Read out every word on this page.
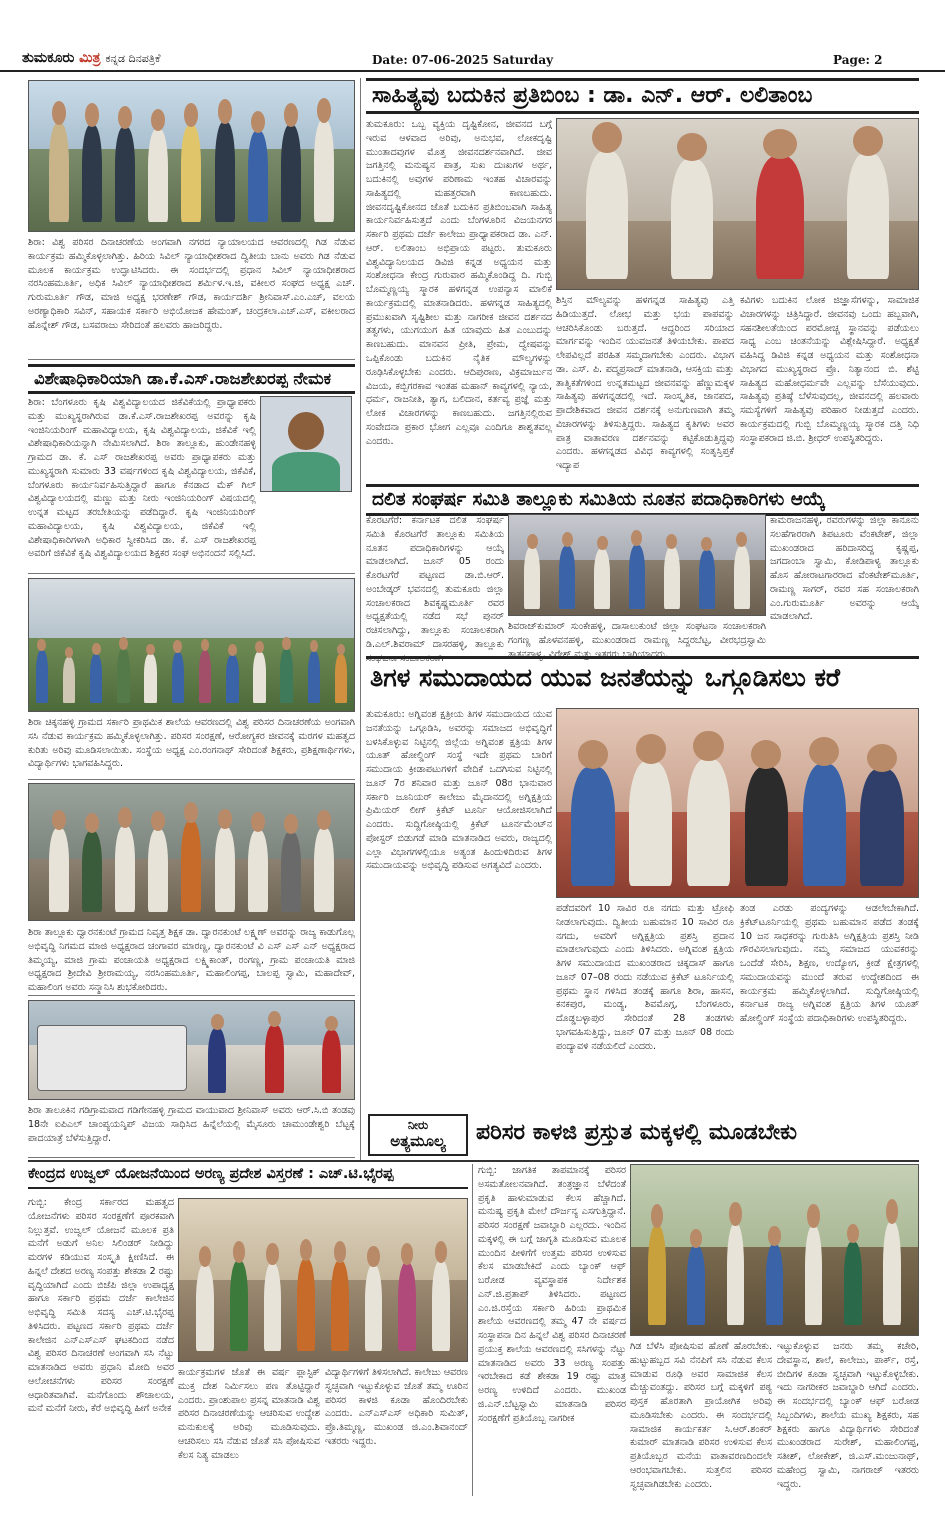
ತುಮಕೂರು ಮಿತ್ರ ಕನ್ನಡ ದಿನಪತ್ರಿಕೆ	Date: 07-06-2025 Saturday	Page: 2
ಶಿರಾ: ವಿಶ್ವ ಪರಿಸರ ದಿನಾಚರಣೆಯ ಅಂಗವಾಗಿ ನಗರದ ನ್ಯಾಯಾಲಯದ ಆವರಣದಲ್ಲಿ ಗಿಡ ನೆಡುವ ಕಾರ್ಯಕ್ರಮ ಹಮ್ಮಿಕೊಳ್ಳಲಾಗಿತ್ತು. ಹಿರಿಯ ಸಿವಿಲ್ ನ್ಯಾಯಾಧೀಶರಾದ ದ್ವಿತೀಯ ಬಾನು ಅವರು ಗಿಡ ನೆಡುವ ಮೂಲಕ ಕಾರ್ಯಕ್ರಮ ಉದ್ಘಾಟಿಸಿದರು. ಈ ಸಂದರ್ಭದಲ್ಲಿ ಪ್ರಧಾನ ಸಿವಿಲ್ ನ್ಯಾಯಾಧೀಶರಾದ ನರಸಿಂಹಮೂರ್ತಿ, ಅಧಿಕ ಸಿವಿಲ್ ನ್ಯಾಯಾಧೀಶರಾದ ಶರ್ಮಿಳ.ಇ.ಜಿ, ವಕೀಲರ ಸಂಘದ ಅಧ್ಯಕ್ಷ ಎಚ್. ಗುರುಮೂರ್ತಿ ಗೌಡ, ಮಾಜಿ ಅಧ್ಯಕ್ಷ ಭರಣೇಶ್ ಗೌಡ, ಕಾರ್ಯದರ್ಶಿ ಶ್ರೀನಿವಾಸ್.ಎಂ.ಎಚ್, ವಲಯ ಅರಣ್ಯಾಧಿಕಾರಿ ಸವಿನ್, ಸಹಾಯಕ ಸರ್ಕಾರಿ ಅಭಿಯೋಜಕ ಹೇಮಂತ್, ಚಂದ್ರಕಲಾ.ಎಚ್.ಎಸ್, ವಕೀಲರಾದ ಹೊನ್ನೇಶ್ ಗೌಡ, ಬಸವರಾಜು ಸೇರಿದಂತೆ ಹಲವರು ಹಾಜರಿದ್ದರು.
ವಿಶೇಷಾಧಿಕಾರಿಯಾಗಿ ಡಾ.ಕೆ.ಎಸ್.ರಾಜಶೇಖರಪ್ಪ ನೇಮಕ
ಶಿರಾ: ಬೆಂಗಳೂರು ಕೃಷಿ ವಿಶ್ವವಿದ್ಯಾಲಯದ ಜಿಕೆವಿಕೆಯಲ್ಲಿ ಪ್ರಾಧ್ಯಾಪಕರು ಮತ್ತು ಮುಖ್ಯಸ್ಥರಾಗಿರುವ ಡಾ.ಕೆ.ಎಸ್.ರಾಜಶೇಖರಪ್ಪ ಅವರನ್ನು ಕೃಷಿ ಇಂಜಿನಿಯರಿಂಗ್ ಮಹಾವಿದ್ಯಾಲಯ, ಕೃಷಿ ವಿಶ್ವವಿದ್ಯಾಲಯ, ಜಿಕೆವಿಕೆ ಇಲ್ಲಿ ವಿಶೇಷಾಧಿಕಾರಿಯನ್ನಾಗಿ ನೇಮಿಸಲಾಗಿದೆ. ಶಿರಾ ತಾಲ್ಲೂಕು, ಹುಂಡೇನಹಳ್ಳಿ ಗ್ರಾಮದ ಡಾ. ಕೆ. ಎಸ್ ರಾಜಶೇಖರಪ್ಪ ಅವರು ಪ್ರಾಧ್ಯಾಪಕರು ಮತ್ತು ಮುಖ್ಯಸ್ಥರಾಗಿ ಸುಮಾರು 33 ವರ್ಷಗಳಿಂದ ಕೃಷಿ ವಿಶ್ವವಿದ್ಯಾಲಯ, ಜಿಕೆವಿಕೆ, ಬೆಂಗಳೂರು ಕಾರ್ಯನಿರ್ವಹಿಸುತ್ತಿದ್ದಾರೆ ಹಾಗೂ ಕೆನಡಾದ ಮೆಕ್ ಗಿಲ್ ವಿಶ್ವವಿದ್ಯಾಲಯದಲ್ಲಿ ಮಣ್ಣು ಮತ್ತು ನೀರು ಇಂಜಿನಿಯರಿಂಗ್ ವಿಷಯದಲ್ಲಿ ಉನ್ನತ ಮಟ್ಟದ ತರಬೇತಿಯನ್ನು ಪಡೆದಿದ್ದಾರೆ. ಕೃಷಿ ಇಂಜಿನಿಯರಿಂಗ್ ಮಹಾವಿದ್ಯಾಲಯ, ಕೃಷಿ ವಿಶ್ವವಿದ್ಯಾಲಯ, ಜಿಕೆವಿಕೆ ಇಲ್ಲಿ ವಿಶೇಷಾಧಿಕಾರಿಗಳಾಗಿ ಅಧಿಕಾರ ಸ್ವೀಕರಿಸಿದ ಡಾ. ಕೆ. ಎಸ್ ರಾಜಶೇಖರಪ್ಪ ಅವರಿಗೆ ಜಿಕೆವಿಕೆ ಕೃಷಿ ವಿಶ್ವವಿದ್ಯಾಲಯದ ಶಿಕ್ಷಕರ ಸಂಘ ಅಭಿನಂದನೆ ಸಲ್ಲಿಸಿದೆ.
ಶಿರಾ ಚಿಕ್ಕನಹಳ್ಳಿ ಗ್ರಾಮದ ಸರ್ಕಾರಿ ಪ್ರಾಥಮಿಕ ಶಾಲೆಯ ಆವರಣದಲ್ಲಿ ವಿಶ್ವ ಪರಿಸರ ದಿನಾಚರಣೆಯ ಅಂಗವಾಗಿ ಸಸಿ ನೆಡುವ ಕಾರ್ಯಕ್ರಮ ಹಮ್ಮಿಕೊಳ್ಳಲಾಗಿತ್ತು. ಪರಿಸರ ಸಂರಕ್ಷಣೆ, ಆರೋಗ್ಯಕರ ಜೀವನಕ್ಕೆ ಮರಗಳ ಮಹತ್ವದ ಕುರಿತು ಅರಿವು ಮೂಡಿಸಲಾಯಿತು. ಸಂಸ್ಥೆಯ ಅಧ್ಯಕ್ಷ ಎಂ.ರಂಗನಾಥ್ ಸೇರಿದಂತೆ ಶಿಕ್ಷಕರು, ಪ್ರಶಿಕ್ಷಣಾರ್ಥಿಗಳು, ವಿದ್ಯಾರ್ಥಿಗಳು ಭಾಗವಹಿಸಿದ್ದರು.
ಶಿರಾ ತಾಲ್ಲೂಕು ದ್ವಾರನಕುಂಟೆ ಗ್ರಾಮದ ನಿವೃತ್ತ ಶಿಕ್ಷಕ ಡಾ. ದ್ವಾರನಕುಂಟೆ ಲಕ್ಷ್ಮಣ್ ಅವರನ್ನು ರಾಜ್ಯ ಕಾಡುಗೊಲ್ಲ ಅಭಿವೃದ್ಧಿ ನಿಗಮದ ಮಾಜಿ ಅಧ್ಯಕ್ಷರಾದ ಚಂಗಾವರ ಮಾರಣ್ಣ, ದ್ವಾರನಕುಂಟೆ ವಿ ಎಸ್ ಎಸ್ ಎನ್ ಅಧ್ಯಕ್ಷರಾದ ತಿಮ್ಮಯ್ಯ, ಮಾಜಿ ಗ್ರಾಮ ಪಂಚಾಯತಿ ಅಧ್ಯಕ್ಷರಾದ ಲಕ್ಷ್ಮಿಕಾಂತ್, ರಂಗಣ್ಣ, ಗ್ರಾಮ ಪಂಚಾಯತಿ ಮಾಜಿ ಅಧ್ಯಕ್ಷರಾದ ಶ್ರೀದೇವಿ ಶ್ರೀರಾಮಯ್ಯ, ನರಸಿಂಹಮೂರ್ತಿ, ಮಹಾಲಿಂಗಪ್ಪ, ಬಾಲಪ್ಪ ಸ್ವಾಮಿ, ಮಹಾದೇವ್, ಮಹಾಲಿಂಗ ಅವರು ಸನ್ಮಾನಿಸಿ ಶುಭಕೋರಿದರು.
ಶಿರಾ ತಾಲೂಕಿನ ಗಡಿಗ್ರಾಮವಾದ ಗಡಿಗೇನಹಳ್ಳಿ ಗ್ರಾಮದ ವಾಯುವಾದ ಶ್ರೀನಿವಾಸ್ ಅವರು ಆರ್.ಸಿ.ಬಿ ತಂಡವು 18ನೇ ಐಪಿಎಲ್ ಚಾಂಪ್ಯಯನ್ಶಿಪ್ ವಿಜಯ ಸಾಧಿಸಿದ ಹಿನ್ನೆಲೆಯಲ್ಲಿ ಮೈಸೂರು ಚಾಮುಂಡೇಶ್ವರಿ ಬೆಟ್ಟಕ್ಕೆ ಪಾದಯಾತ್ರೆ ಬೆಳೆಸುತ್ತಿದ್ದಾರೆ.
ಸಾಹಿತ್ಯವು ಬದುಕಿನ ಪ್ರತಿಬಿಂಬ : ಡಾ. ಎನ್. ಆರ್. ಲಲಿತಾಂಬ
ತುಮಕೂರು: ಒಬ್ಬ ವ್ಯಕ್ತಿಯ ದೃಷ್ಟಿಕೋನ, ಜೀವನದ ಬಗ್ಗೆ ಇರುವ ಆಳವಾದ ಅರಿವು, ಅನುಭವ, ಲೋಕದೃಷ್ಟಿ ಮುಂತಾದವುಗಳ ಮೊತ್ತ ಜೀವನದರ್ಶನವಾಗಿದೆ. ಜೀವ ಜಗತ್ತಿನಲ್ಲಿ ಮನುಷ್ಯನ ಪಾತ್ರ, ಸುಖ ದುಃಖಗಳ ಅರ್ಥ, ಬದುಕಿನಲ್ಲಿ ಅವುಗಳ ಪರಿಣಾಮ ಇಂತಹ ವಿಚಾರವನ್ನು ಸಾಹಿತ್ಯದಲ್ಲಿ ಮಹತ್ತರವಾಗಿ ಕಾಣಬಹುದು. ಜೀವನದೃಷ್ಟಿಕೋನದ ಜೊತೆ ಬದುಕಿನ ಪ್ರತಿಬಿಂಬವಾಗಿ ಸಾಹಿತ್ಯ ಕಾರ್ಯನಿರ್ವಹಿಸುತ್ತದೆ ಎಂದು ಬೆಂಗಳೂರಿನ ವಿಜಯನಗರ ಸರ್ಕಾರಿ ಪ್ರಥಮ ದರ್ಜೆ ಕಾಲೇಜು ಪ್ರಾಧ್ಯಾಪಕರಾದ ಡಾ. ಎನ್. ಆರ್. ಲಲಿತಾಂಬ ಅಭಿಪ್ರಾಯ ಪಟ್ಟರು. ತುಮಕೂರು ವಿಶ್ವವಿದ್ಯಾನಿಲಯದ ಡಿವಿಜಿ ಕನ್ನಡ ಅಧ್ಯಯನ ಮತ್ತು ಸಂಶೋಧನಾ ಕೇಂದ್ರ ಗುರುವಾರ ಹಮ್ಮಿಕೊಂಡಿದ್ದ ದಿ. ಗುಬ್ಬಿ ಬೊಮ್ಮಣ್ಣಯ್ಯ ಸ್ಮಾರಕ ಹಳಗನ್ನಡ ಉಪನ್ಯಾಸ ಮಾಲಿಕೆ ಕಾರ್ಯಕ್ರಮದಲ್ಲಿ ಮಾತನಾಡಿದರು. ಹಳಗನ್ನಡ ಸಾಹಿತ್ಯದಲ್ಲಿ ಪ್ರಮುಖವಾಗಿ ಸೃಷ್ಟಿಶೀಲ ಮತ್ತು ನಾಗರೀಕ ಜೀವನ ದರ್ಶನದ ತತ್ವಗಳು, ಯುಗಯುಗ ಹಿತ ಯಾವುದು ಹಿತ ಎಂಬುದನ್ನು ಕಾಣಬಹುದು. ಮಾನವನ ಪ್ರೀತಿ, ಪ್ರೇಮ, ದ್ವೇಷವನ್ನು ಒಪ್ಪಿಕೊಂಡು ಬದುಕಿನ ನೈತಿಕ ಮೌಲ್ಯಗಳನ್ನು ರೂಢಿಸಿಕೊಳ್ಳಬೇಕು ಎಂದರು. ಆದಿಪುರಾಣ, ವಿಕ್ರಮಾರ್ಜುನ ವಿಜಯ, ಕಬ್ಬಿಗರಕಾವ ಇಂತಹ ಮಹಾನ್ ಕಾವ್ಯಗಳಲ್ಲಿ ನ್ಯಾಯ, ಧರ್ಮ, ರಾಜನೀತಿ, ತ್ಯಾಗ, ಬಲಿದಾನ, ಕರ್ತವ್ಯ ಪ್ರಜ್ಞೆ ಮತ್ತು ಲೋಕ ವಿಚಾರಗಳನ್ನು ಕಾಣಬಹುದು. ಜಗತ್ತಿನಲ್ಲಿರುವ ಸಂವೇದನಾ ಪ್ರಕಾರ ಭೋಗ ಎಲ್ಲವೂ ಎಂದಿಗೂ ಶಾಶ್ವತವಲ್ಲ ಎಂದರು.
ಶಿಸ್ತಿನ ಮೌಲ್ಯವನ್ನು ಹಳಗನ್ನಡ ಸಾಹಿತ್ಯವು ಎತ್ತಿ ಹಿಡಿಯುತ್ತದೆ. ಲೋಭ ಮತ್ತು ಭಯ ಪಾಪವನ್ನು ಆಚರಿಸಿಕೊಂಡು ಬರುತ್ತದೆ. ಆದ್ದರಿಂದ ಸರಿಯಾದ ಮಾರ್ಗವನ್ನು ಇಂದಿನ ಯುವಜನತೆ ತಿಳಿಯಬೇಕು. ಪಾಪದ ಲೇಪವಿಲ್ಲದೆ ಪರಹಿತ ಸಮ್ಮದಾಗಬೇಕು ಎಂದರು. ವಿಭಾಗ ಡಾ. ಎಸ್. ಪಿ. ಪದ್ಮಪ್ರಸಾದ್ ಮಾತನಾಡಿ, ಆಸಕ್ತಿಯ ಮತ್ತು ತಾತ್ವಿಕತೆಗಳಿಂದ ಉನ್ನತಮಟ್ಟದ ಜೀವನವನ್ನು ಹೆಣ್ಣುಮಕ್ಕಳ ಸಾಹಿತ್ಯವು ಹಳಗನ್ನಡದಲ್ಲಿ ಇದೆ. ಸಾಂಸ್ಕೃತಿಕ, ಜಾನಪದ, ಪ್ರಾದೇಶಿಕವಾದ ಜೀವನ ದರ್ಶನಕ್ಕೆ ಅನುಗುಣವಾಗಿ ತಮ್ಮ ವಿಚಾರಗಳನ್ನು ತಿಳಿಸುತ್ತಿದ್ದರು. ಸಾಹಿತ್ಯದ ಕೃತಿಗಳು ಅವರ ಪಾತ್ರ ವಾತಾವರಣ ದರ್ಶನವನ್ನು ಕಟ್ಟಿಕೊಡುತ್ತಿದ್ದವು ಎಂದರು. ಹಳಗನ್ನಡದ ವಿವಿಧ ಕಾವ್ಯಗಳಲ್ಲಿ ಸಂತೃಸ್ತಿಪ್ತಕೆ ಇದ್ಯಾಪ
ಕವಿಗಳು ಬದುಕಿನ ಲೋಕ ಜಿಜ್ಞಾಸೆಗಳನ್ನು, ಸಾಮಾಜಿಕ ವಿಚಾರಗಳನ್ನು ಚಿತ್ರಿಸಿದ್ದಾರೆ. ಜೀವನವು ಒಂದು ಹಬ್ಬವಾಗಿ, ಸಹನಶೀಲತೆಯಿಂದ ಪರಮೋಚ್ಚ ಸ್ಥಾನವನ್ನು ಪಡೆಯಲು ಸಾಧ್ಯ ಎಂಬ ಚಿಂತನೆಯನ್ನು ವಿಶ್ಲೇಷಿಸಿದ್ದಾರೆ. ಅಧ್ಯಕ್ಷತೆ ವಹಿಸಿದ್ದ ಡಿವಿಜಿ ಕನ್ನಡ ಅಧ್ಯಯನ ಮತ್ತು ಸಂಶೋಧನಾ ವಿಭಾಗದ ಮುಖ್ಯಸ್ಥರಾದ ಪ್ರೊ. ನಿತ್ಯಾನಂದ ಬಿ. ಶೆಟ್ಟಿ ಸಾಹಿತ್ಯದ ಮಹೋಧರ್ಮವೇ ಎಲ್ಲವನ್ನು ಬೆಸೆಯುವುದು. ಸಾಹಿತ್ಯವು ಪ್ರತಿಷ್ಠೆ ಬೆಳೆಸುವುದಲ್ಲ, ಜೀವನದಲ್ಲಿ ಹಲವಾರು ಸಮಸ್ಯೆಗಳಿಗೆ ಸಾಹಿತ್ಯವು ಪರಿಹಾರ ನೀಡುತ್ತದೆ ಎಂದರು. ಕಾರ್ಯಕ್ರಮದಲ್ಲಿ ಗುಬ್ಬಿ ಬೊಮ್ಮಣ್ಣಯ್ಯ ಸ್ಮಾರಕ ದತ್ತಿ ನಿಧಿ ಸಂಸ್ಥಾಪಕರಾದ ಜಿ.ಬಿ. ಶ್ರೀಧರ್ ಉಪಸ್ಥಿತರಿದ್ದರು.
ದಲಿತ ಸಂಘರ್ಷ ಸಮಿತಿ ತಾಲ್ಲೂಕು ಸಮಿತಿಯ ನೂತನ ಪದಾಧಿಕಾರಿಗಳು ಆಯ್ಕೆ
ಕೊರಟಗೆರೆ: ಕರ್ನಾಟಕ ದಲಿತ ಸಂಘರ್ಷ ಸಮಿತಿ ಕೊರಟಗೆರೆ ತಾಲ್ಲೂಕು ಸಮಿತಿಯ ನೂತನ ಪದಾಧಿಕಾರಿಗಳನ್ನು ಆಯ್ಕೆ ಮಾಡಲಾಗಿದೆ. ಜೂನ್ 05 ರಂದು ಕೊರಟಗೆರೆ ಪಟ್ಟಣದ ಡಾ.ಬಿ.ಆರ್. ಅಂಬೇಡ್ಕರ್ ಭವನದಲ್ಲಿ ತುಮಕೂರು ಜಿಲ್ಲಾ ಸಂಚಾಲಕರಾದ ಶಿವಕೃಷ್ಣಮೂರ್ತಿ ರವರ ಅಧ್ಯಕ್ಷತೆಯಲ್ಲಿ ನಡೆದ ಸಭೆ ಪುನರ್ ರಚಿಸಲಾಗಿದ್ದು, ತಾಲ್ಲೂಕು ಸಂಚಾಲಕರಾಗಿ ಡಿ.ಎಲ್.ಶಿವರಾಮ್ ದಾಸರಹಳ್ಳಿ, ತಾಲ್ಲೂಕು ಸಂಘಟನಾ ಸಂಚಾಲಕರಾಗಿ
ಶಿವರಾಜ್‌ಕುಮಾರ್ ಸುಂಕೇಹಳ್ಳಿ, ದಾಸಾಲುಕುಂಟೆ ಜಿಲ್ಲಾ ಸಂಘಟನಾ ಸಂಚಾಲಕರಾಗಿ ಗಂಗಣ್ಣ ಹೊಳವನಹಳ್ಳಿ, ಮುಖಂಡರಾದ ರಾಮಣ್ಣ ಸಿದ್ದರಬೆಟ್ಟ, ವೀರಭದ್ರಸ್ವಾಮಿ ತಾತನಪಾಳ್ಯ, ವಿರೇಶ್ ಮತ್ತು ಇತರರು ಭಾಗಿಯಾದರು.
ಕಾಮರಾಜನಹಳ್ಳಿ, ರವರುಗಳನ್ನು ಜಿಲ್ಲಾ ಕಾನೂನು ಸಲಹೆಗಾರರಾಗಿ ತಿಪಟೂರು ವೆಂಕಟೇಶ್, ಜಿಲ್ಲಾ ಮುಖಂಡರಾದ ಹರಿದಾಸರಿದ್ದ ಕೃಷ್ಣಪ್ಪ, ಜಗದಾಂಬಾ ಸ್ವಾಮಿ, ಕೋಡಿಪಾಳ್ಯ ತಾಲ್ಲೂಕು ಹೊಸ ಹೋರಾಟಗಾರರಾದ ವೆಂಕಟೇಶ್‌ಮೂರ್ತಿ, ರಾಮಣ್ಣ ಸಾಗರ್, ರವರ ಸಹ ಸಂಚಾಲಕರಾಗಿ ಎಂ.ಗುರುಮೂರ್ತಿ ಅವರನ್ನು ಆಯ್ಕೆ ಮಾಡಲಾಗಿದೆ.
ತಿಗಳ ಸಮುದಾಯದ ಯುವ ಜನತೆಯನ್ನು ಒಗ್ಗೂಡಿಸಲು ಕರೆ
ತುಮಕೂರು: ಅಗ್ನಿವಂಶ ಕ್ಷತ್ರೀಯ ತಿಗಳ ಸಮುದಾಯದ ಯುವ ಜನತೆಯನ್ನು ಒಗ್ಗೂಡಿಸಿ, ಅವರನ್ನು ಸಮಾಜದ ಅಭಿವೃದ್ಧಿಗೆ ಬಳಸಿಕೊಳ್ಳುವ ನಿಟ್ಟಿನಲ್ಲಿ ಜಿಲ್ಲೆಯ ಅಗ್ನಿವಂಶ ಕ್ಷತ್ರಿಯ ತಿಗಳ ಯೂತ್ ಹೋಲ್ಡಿಂಗ್ ಸಂಸ್ಥೆ ಇದೇ ಪ್ರಥಮ ಬಾರಿಗೆ ಸಮುದಾಯ ಕ್ರೀಡಾಪಟುಗಳಿಗೆ ವೇದಿಕೆ ಒದಗಿಸುವ ನಿಟ್ಟಿನಲ್ಲಿ ಜೂನ್ 7ರ ಶನಿವಾರ ಮತ್ತು ಜೂನ್ 08ರ ಭಾನುವಾರ ಸರ್ಕಾರಿ ಜೂನಿಯರ್ ಕಾಲೇಜು ಮೈದಾನದಲ್ಲಿ ಅಗ್ನಿಕ್ಷತ್ರಿಯ ಪ್ರಿಮಿಯರ್ ಲೀಗ್ ಕ್ರಿಕೆಟ್ ಟೂರ್ನಿ ಆಯೋಜಿಸಲಾಗಿದೆ ಎಂದರು. ಸುದ್ದಿಗೋಷ್ಠಿಯಲ್ಲಿ ಕ್ರಿಕೆಟ್ ಟೂರ್ನಮೆಂಟ್‌ನ ಪೋಸ್ಟರ್ ಬಿಡುಗಡೆ ಮಾಡಿ ಮಾತನಾಡಿದ ಅವರು, ರಾಜ್ಯದಲ್ಲಿ ಎಲ್ಲಾ ವಿಭಾಗಗಳಲ್ಲಿಯೂ ಅತ್ಯಂತ ಹಿಂದುಳಿದಿರುವ ತಿಗಳ ಸಮುದಾಯವನ್ನು ಅಭಿವೃದ್ಧಿ ಪಡಿಸುವ ಅಗತ್ಯವಿದೆ ಎಂದರು.
ಪಡೆದವರಿಗೆ 10 ಸಾವಿರ ರೂ ನಗದು ಮತ್ತು ಟ್ರೋಫಿ ನೀಡಲಾಗುವುದು. ದ್ವಿತೀಯ ಬಹುಮಾನ 10 ಸಾವಿರ ರೂ ನಗದು, ಅವರಿಗೆ ಅಗ್ನಿಕ್ಷತ್ರಿಯ ಪ್ರಶಸ್ತಿ ಪ್ರದಾನ ಮಾಡಲಾಗುವುದು ಎಂದು ತಿಳಿಸಿದರು. ಅಗ್ನಿವಂಶ ಕ್ಷತ್ರಿಯ ತಿಗಳ ಸಮುದಾಯದ ಮುಖಂಡರಾದ ಚಿಕ್ಕದಾಸ್ ಹಾಗೂ ಜೂನ್ 07–08 ರಂದು ನಡೆಯುವ ಕ್ರಿಕೆಟ್ ಟೂರ್ನಿಯಲ್ಲಿ ಪ್ರಥಮ ಸ್ಥಾನ ಗಳಿಸಿದ ತಂಡಕ್ಕೆ ಹಾಗೂ ಶಿರಾ, ಹಾಸನ, ಕನಕಪುರ, ಮಂಡ್ಯ, ಶಿವಮೊಗ್ಗ, ಬೆಂಗಳೂರು, ದೊಡ್ಡಬಳ್ಳಾಪುರ ಸೇರಿದಂತೆ 28 ತಂಡಗಳು ಭಾಗವಹಿಸುತ್ತಿದ್ದು, ಜೂನ್ 07 ಮತ್ತು ಜೂನ್ 08 ರಂದು ಪಂದ್ಯಾವಳಿ ನಡೆಯಲಿದೆ ಎಂದರು.
ತಂಡ ಎರಡು ಪಂದ್ಯಗಳನ್ನು ಆಡಲೇಬೇಕಾಗಿದೆ. ಕ್ರಿಕೆಟ್‌ಟೂರ್ನಿಯಲ್ಲಿ ಪ್ರಥಮ ಬಹುಮಾನ ಪಡೆದ ತಂಡಕ್ಕೆ 10 ಜನ ಸಾಧಕರನ್ನು ಗುರುತಿಸಿ ಅಗ್ನಿಕ್ಷತ್ರಿಯ ಪ್ರಶಸ್ತಿ ನೀಡಿ ಗೌರವಿಸಲಾಗುವುದು. ನಮ್ಮ ಸಮಾಜದ ಯುವಕರನ್ನು ಒಂದೆಡೆ ಸೇರಿಸಿ, ಶಿಕ್ಷಣ, ಉದ್ಯೋಗ, ಕ್ರೀಡೆ ಕ್ಷೇತ್ರಗಳಲ್ಲಿ ಸಮುದಾಯವನ್ನು ಮುಂದೆ ತರುವ ಉದ್ದೇಶದಿಂದ ಈ ಕಾರ್ಯಕ್ರಮ ಹಮ್ಮಿಕೊಳ್ಳಲಾಗಿದೆ. ಸುದ್ದಿಗೋಷ್ಠಿಯಲ್ಲಿ ಕರ್ನಾಟಕ ರಾಜ್ಯ ಅಗ್ನಿವಂಶ ಕ್ಷತ್ರಿಯ ತಿಗಳ ಯೂತ್ ಹೋಲ್ಡಿಂಗ್ ಸಂಸ್ಥೆಯ ಪದಾಧಿಕಾರಿಗಳು ಉಪಸ್ಥಿತರಿದ್ದರು.
ನೀರು
ಅತ್ಯಮೂಲ್ಯ	ಪರಿಸರ ಕಾಳಜಿ ಪ್ರಸ್ತುತ ಮಕ್ಕಳಲ್ಲಿ ಮೂಡಬೇಕು
ಕೇಂದ್ರದ ಉಜ್ವಲ್ ಯೋಜನೆಯಿಂದ ಅರಣ್ಯ ಪ್ರದೇಶ ವಿಸ್ತರಣೆ : ಎಚ್.ಟಿ.ಭೈರಪ್ಪ
ಗುಬ್ಬಿ: ಕೇಂದ್ರ ಸರ್ಕಾರದ ಮಹತ್ವದ ಯೋಜನೆಗಳು ಪರಿಸರ ಸಂರಕ್ಷಣೆಗೆ ಪೂರಕವಾಗಿ ನಿಲ್ಲುತ್ತವೆ. ಉಜ್ವಲ್ ಯೋಜನೆ ಮೂಲಕ ಪ್ರತಿ ಮನೆಗೆ ಅಡುಗೆ ಅನಿಲ ಸಿಲಿಂಡರ್ ನೀಡಿದ್ದು ಮರಗಳ ಕಡಿಯುವ ಸಂಸ್ಕೃತಿ ಕ್ಷೀಣಿಸಿದೆ. ಈ ಹಿನ್ನಲೆ ದೇಶದ ಅರಣ್ಯ ಸಂಪತ್ತು ಶೇಕಡಾ 2 ರಷ್ಟು ವೃದ್ಧಿಯಾಗಿದೆ ಎಂದು ಬಿಜೆಪಿ ಜಿಲ್ಲಾ ಉಪಾಧ್ಯಕ್ಷ ಹಾಗೂ ಸರ್ಕಾರಿ ಪ್ರಥಮ ದರ್ಜೆ ಕಾಲೇಜಿನ ಅಭಿವೃದ್ಧಿ ಸಮಿತಿ ಸದಸ್ಯ ಎಚ್.ಟಿ.ಭೈರಪ್ಪ ತಿಳಿಸಿದರು. ಪಟ್ಟಣದ ಸರ್ಕಾರಿ ಪ್ರಥಮ ದರ್ಜೆ ಕಾಲೇಜಿನ ಎನ್ಎಸ್ಎಸ್ ಘಟಕದಿಂದ ನಡೆದ ವಿಶ್ವ ಪರಿಸರ ದಿನಾಚರಣೆ ಅಂಗವಾಗಿ ಸಸಿ ನೆಟ್ಟು ಮಾತನಾಡಿದ ಅವರು ಪ್ರಧಾನಿ ಮೋದಿ ಅವರ ಆಲೋಚನೆಗಳು ಪರಿಸರ ಸಂರಕ್ಷಣೆ ಆಧಾರಿತವಾಗಿವೆ. ಮನೆಗೊಂದು ಶೌಚಾಲಯ, ಮನೆ ಮನೆಗೆ ನೀರು, ಕೆರೆ ಅಭಿವೃದ್ಧಿ ಹೀಗೆ ಅನೇಕ
ಕಾರ್ಯಕ್ರಮಗಳ ಜೊತೆ ಈ ವರ್ಷ ಪ್ಲಾಸ್ಟಿಕ್ ಮುಕ್ತ ದೇಶ ನಿರ್ಮಿಸಲು ಪಣ ತೊಟ್ಟಿದ್ದಾರೆ ಎಂದರು. ಪ್ರಾಂಶುಪಾಲ ಪ್ರಸನ್ನ ಮಾತನಾಡಿ ವಿಶ್ವ ಪರಿಸರ ದಿನಾಚರಣೆಯನ್ನು ಆಚರಿಸುವ ಉದ್ದೇಶ ಮನುಕುಲಕ್ಕೆ ಅರಿವು ಮೂಡಿಸುವುದು. ಆಚರಿಸಲು ಸಸಿ ನೆಡುವ ಜೊತೆ ಸಸಿ ಪೋಷಿಸುವ ಕೆಲಸ ನಿತ್ಯ ಮಾಡಲು
ವಿದ್ಯಾರ್ಥಿಗಳಿಗೆ ತಿಳಿಸಲಾಗಿದೆ. ಕಾಲೇಜು ಆವರಣ ಸ್ವಚ್ಛವಾಗಿ ಇಟ್ಟುಕೊಳ್ಳುವ ಜೊತೆ ತಮ್ಮ ಊರಿನ ಪರಿಸರ ಕಾಳಜಿ ಕೂಡಾ ಹೊಂದಿರಬೇಕು ಎಂದರು. ಎನ್ಎಸ್ಎಸ್ ಅಧಿಕಾರಿ ಸುಮಿತ್, ಪ್ರೊ.ತಿಮ್ಮಣ್ಣ, ಮುಖಂಡ ಜಿ.ಎಂ.ಶಿವಾನಂದ್ ಇತರರು ಇದ್ದರು.
ಗುಬ್ಬಿ: ಜಾಗತಿಕ ತಾಪಮಾನಕ್ಕೆ ಪರಿಸರ ಅಸಮತೋಲನವಾಗಿದೆ. ತಂತ್ರಜ್ಞಾನ ಬೆಳೆದಂತೆ ಪ್ರಕೃತಿ ಹಾಳುಮಾಡುವ ಕೆಲಸ ಹೆಚ್ಚಾಗಿದೆ. ಮನುಷ್ಯ ಪ್ರಕೃತಿ ಮೇಲೆ ದೌರ್ಜನ್ಯ ಎಸಗುತ್ತಿದ್ದಾನೆ. ಪರಿಸರ ಸಂರಕ್ಷಣೆ ಜವಾಬ್ದಾರಿ ಎಲ್ಲರದು. ಇಂದಿನ ಮಕ್ಕಳಲ್ಲಿ ಈ ಬಗ್ಗೆ ಜಾಗೃತಿ ಮೂಡಿಸುವ ಮೂಲಕ ಮುಂದಿನ ಪೀಳಿಗೆಗೆ ಉತ್ತಮ ಪರಿಸರ ಉಳಿಸುವ ಕೆಲಸ ಮಾಡಬೇಕಿದೆ ಎಂದು ಬ್ಯಾಂಕ್ ಆಫ್ ಬರೋಡ ವ್ಯವಸ್ಥಾಪಕ ನಿರ್ದೇಶಕ ಎನ್.ಜಿ.ಪ್ರತಾಪ್ ತಿಳಿಸಿದರು. ಪಟ್ಟಣದ ಎಂ.ಜಿ.ರಸ್ತೆಯ ಸರ್ಕಾರಿ ಹಿರಿಯ ಪ್ರಾಥಮಿಕ ಶಾಲೆಯ ಆವರಣದಲ್ಲಿ ತಮ್ಮ 47 ನೇ ವರ್ಷದ ಸಂಸ್ಥಾಪನಾ ದಿನ ಹಿನ್ನಲೆ ವಿಶ್ವ ಪರಿಸರ ದಿನಾಚರಣೆ ಪ್ರಯುಕ್ತ ಶಾಲೆಯ ಆವರಣದಲ್ಲಿ ಸಸಿಗಳನ್ನು ನೆಟ್ಟು ಮಾತನಾಡಿದ ಅವರು 33 ಅರಣ್ಯ ಸಂಪತ್ತು ಇರಬೇಕಾದ ಕಡೆ ಶೇಕಡಾ 19 ರಷ್ಟು ಮಾತ್ರ ಅರಣ್ಯ ಉಳಿದಿದೆ ಎಂದರು. ಮುಖಂಡ ಜಿ.ಎನ್.ಬೆಟ್ಟಸ್ವಾಮಿ ಮಾತನಾಡಿ ಪರಿಸರ ಸಂರಕ್ಷಣೆಗೆ ಪ್ರತಿಯೊಬ್ಬ ನಾಗರೀಕ
ಗಿಡ ಬೆಳೆಸಿ ಪೋಷಿಸುವ ಹೊಣೆ ಹೊರಬೇಕು. ಹುಟ್ಟುಹಬ್ಬದ ಸವಿ ನೆನಪಿಗೆ ಸಸಿ ನೆಡುವ ಕೆಲಸ ಮಾಡುವ ರೂಢಿ ಅವರ ಸಾಮಾಜಿಕ ಕೆಲಸ ಮೆಚ್ಚುವಂತದ್ದು. ಪರಿಸರ ಬಗ್ಗೆ ಮಕ್ಕಳಿಗೆ ಪಠ್ಯ ಪುಸ್ತಕ ಹೊರತಾಗಿ ಪ್ರಾಯೋಗಿಕ ಅರಿವು ಮೂಡಿಸಬೇಕು ಎಂದರು. ಈ ಸಂದರ್ಭದಲ್ಲಿ ಸಾಮಾಜಿಕ ಕಾರ್ಯಕರ್ತ ಸಿ.ಆರ್.ಶಂಕರ್ ಕುಮಾರ್ ಮಾತನಾಡಿ ಪರಿಸರ ಉಳಿಸುವ ಕೆಲಸ ಪ್ರತಿಯೊಬ್ಬರ ಮನೆಯ ವಾತಾವರಣದಿಂದಲೇ ಆರಂಭವಾಗಬೇಕು. ಸುತ್ತಲಿನ ಪರಿಸರ ಸ್ವಚ್ಛವಾಗಿಡಬೇಕು ಎಂದರು.
ಇಟ್ಟುಕೊಳ್ಳುವ ಜನರು ತಮ್ಮ ಕಚೇರಿ, ದೇವಸ್ಥಾನ, ಶಾಲೆ, ಕಾಲೇಜು, ಪಾರ್ಕ್, ರಸ್ತೆ, ಬೀದಿಗಳ ಕೂಡಾ ಸ್ವಚ್ಛವಾಗಿ ಇಟ್ಟುಕೊಳ್ಳಬೇಕು. ಇದು ನಾಗರೀಕರ ಜವಾಬ್ದಾರಿ ಆಗಿದೆ ಎಂದರು. ಈ ಸಂದರ್ಭದಲ್ಲಿ ಬ್ಯಾಂಕ್ ಆಫ್ ಬರೋಡ ಸಿಬ್ಬಂದಿಗಳು, ಶಾಲೆಯ ಮುಖ್ಯ ಶಿಕ್ಷಕರು, ಸಹ ಶಿಕ್ಷಕರು ಹಾಗೂ ವಿದ್ಯಾರ್ಥಿಗಳು ಸೇರಿದಂತೆ ಮುಖಂಡರಾದ ಸುರೇಶ್, ಮಹಾಲಿಂಗಪ್ಪ, ಸತೀಶ್, ಲೋಕೇಶ್, ಜಿ.ಎಸ್.ಮಂಜುನಾಥ್, ಮಹೇಂದ್ರ ಸ್ವಾಮಿ, ನಾಗರಾಜ್ ಇತರರು ಇದ್ದರು.
